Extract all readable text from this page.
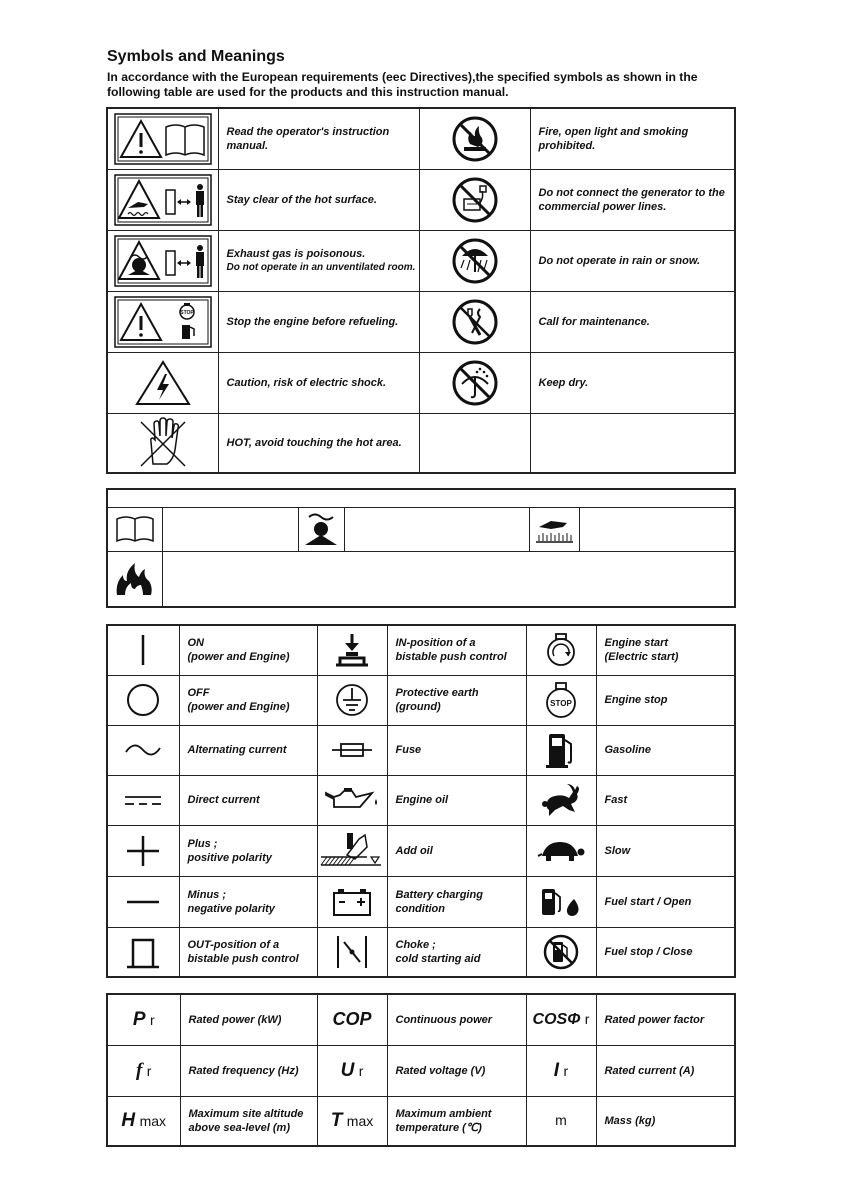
Symbols and Meanings
In accordance with the European requirements (eec Directives),the specified symbols as shown in the following table are used for the products and this instruction manual.
	Read the operator's instruction manual.		Fire, open light and smoking prohibited.

	Stay clear of the hot surface.		Do not connect the generator to the commercial power lines.

	Exhaust gas is poisonous.
Do not operate in an unventilated room.		Do not operate in rain or snow.

STOP	Stop the engine before refueling.		Call for maintenance.

	Caution, risk of electric shock.		Keep dry.

	HOT, avoid touching the hot area.		

	ON
(power and Engine)		IN-position of a
bistable push control		Engine start
(Electric start)

	OFF
(power and Engine)		Protective earth
(ground)	STOP	Engine stop

	Alternating current		Fuse		Gasoline

	Direct current		Engine oil		Fast

	Plus ;
positive polarity		Add oil		Slow

	Minus ;
negative polarity		Battery charging
condition		Fuel start / Open

	OUT-position of a
bistable push control		Choke ;
cold starting aid		Fuel stop / Close
P r	Rated power (kW)	COP	Continuous power	COSΦ r	Rated power factor
f r	Rated frequency (Hz)	U r	Rated voltage (V)	I r	Rated current (A)
H max	Maximum site altitude
above sea-level (m)	T max	Maximum ambient
temperature (℃)	m	Mass (kg)
